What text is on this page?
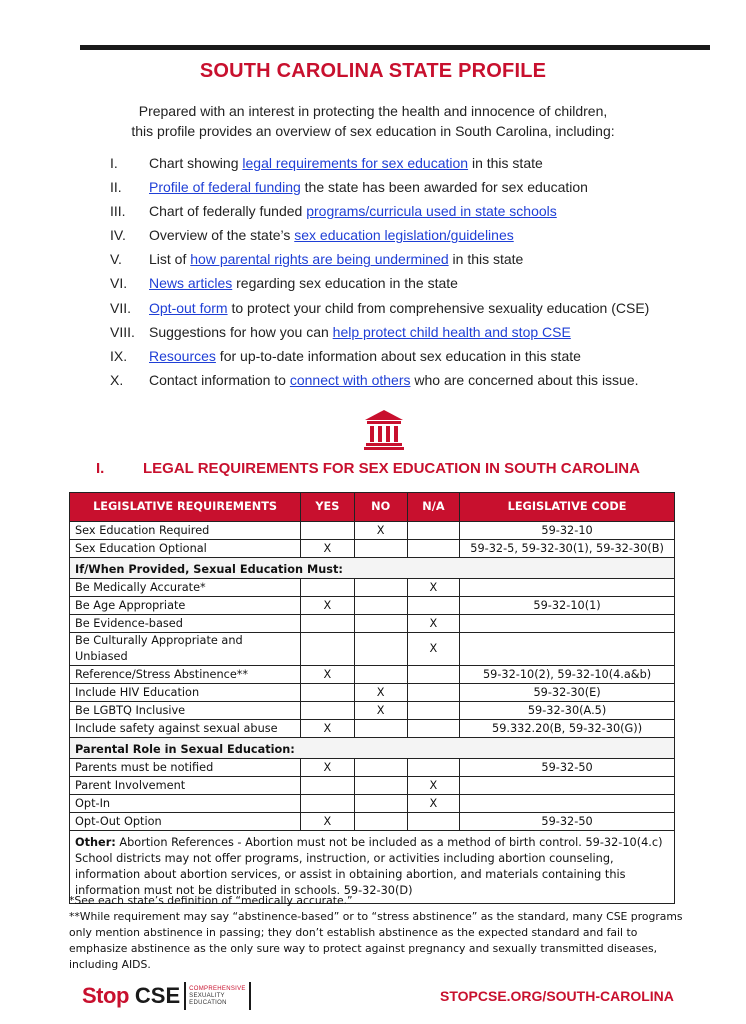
SOUTH CAROLINA STATE PROFILE
Prepared with an interest in protecting the health and innocence of children,
this profile provides an overview of sex education in South Carolina, including:
I. Chart showing legal requirements for sex education in this state
II. Profile of federal funding the state has been awarded for sex education
III. Chart of federally funded programs/curricula used in state schools
IV. Overview of the state’s sex education legislation/guidelines
V. List of how parental rights are being undermined in this state
VI. News articles regarding sex education in the state
VII. Opt-out form to protect your child from comprehensive sexuality education (CSE)
VIII. Suggestions for how you can help protect child health and stop CSE
IX. Resources for up-to-date information about sex education in this state
X. Contact information to connect with others who are concerned about this issue.
I.	LEGAL REQUIREMENTS FOR SEX EDUCATION IN SOUTH CAROLINA
LEGISLATIVE REQUIREMENTS	YES	NO	N/A	LEGISLATIVE CODE
Sex Education Required		X		59-32-10
Sex Education Optional	X			59-32-5, 59-32-30(1), 59-32-30(B)
If/When Provided, Sexual Education Must:				
Be Medically Accurate*			X	
Be Age Appropriate	X			59-32-10(1)
Be Evidence-based			X	
Be Culturally Appropriate and Unbiased			X	
Reference/Stress Abstinence**	X			59-32-10(2), 59-32-10(4.a&b)
Include HIV Education		X		59-32-30(E)
Be LGBTQ Inclusive		X		59-32-30(A.5)
Include safety against sexual abuse	X			59.332.20(B, 59-32-30(G))
Parental Role in Sexual Education:				
Parents must be notified	X			59-32-50
Parent Involvement			X	
Opt-In			X	
Opt-Out Option	X			59-32-50
Other: Abortion References - Abortion must not be included as a method of birth control. 59-32-10(4.c) School districts may not offer programs, instruction, or activities including abortion counseling, information about abortion services, or assist in obtaining abortion, and materials containing this information must not be distributed in schools. 59-32-30(D)				
*See each state’s definition of “medically accurate.”
**While requirement may say “abstinence-based” or to “stress abstinence” as the standard, many CSE programs only mention abstinence in passing; they don’t establish abstinence as the expected standard and fail to emphasize abstinence as the only sure way to protect against pregnancy and sexually transmitted diseases, including AIDS.
Stop CSE COMPREHENSIVE
SEXUALITY
EDUCATION	STOPCSE.ORG/SOUTH-CAROLINA
